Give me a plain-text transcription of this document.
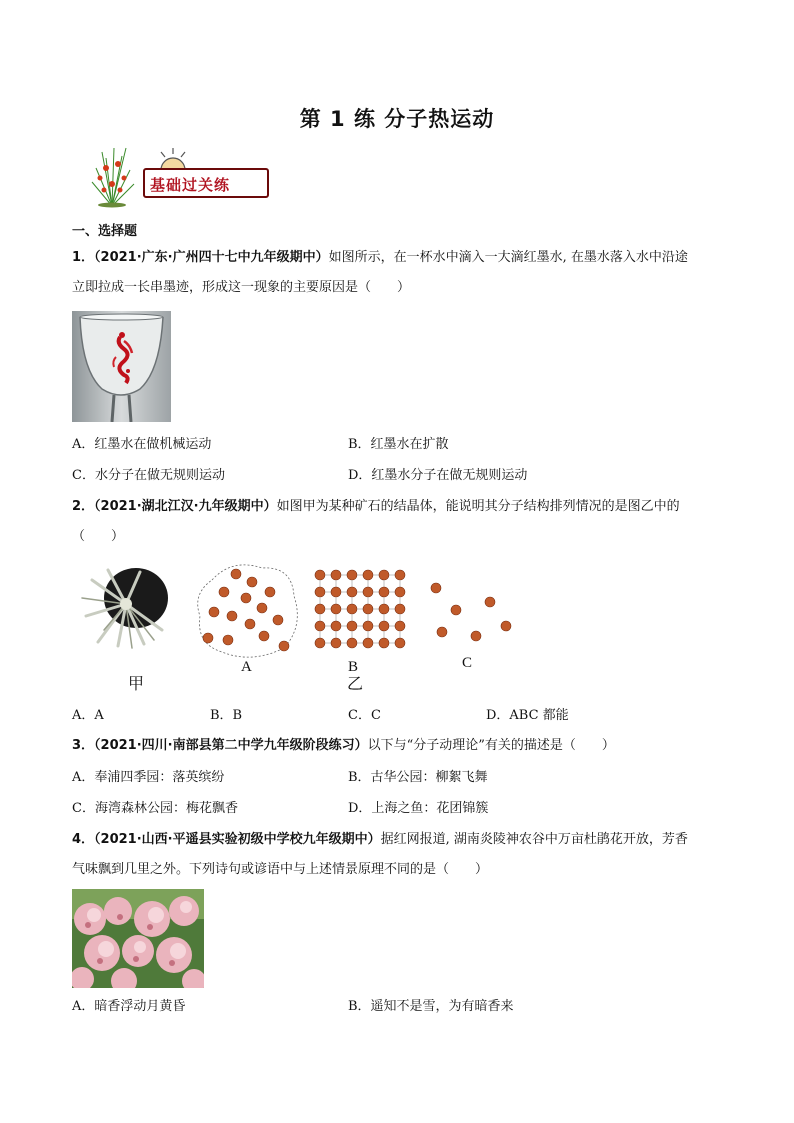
第 1 练 分子热运动
基础过关练
一、选择题
1．（2021·广东·广州四十七中九年级期中）如图所示，在一杯水中滴入一大滴红墨水, 在墨水落入水中沿途
立即拉成一长串墨迹，形成这一现象的主要原因是（　　）
A．红墨水在做机械运动	B．红墨水在扩散
C．水分子在做无规则运动	D．红墨水分子在做无规则运动
2．（2021·湖北江汉·九年级期中）如图甲为某种矿石的结晶体，能说明其分子结构排列情况的是图乙中的
（　　）
A	B	C
甲	乙
A．A	B．B	C．C	D．ABC 都能
3．（2021·四川·南部县第二中学九年级阶段练习）以下与“分子动理论”有关的描述是（　　）
A．奉浦四季园：落英缤纷	B．古华公园：柳絮飞舞
C．海湾森林公园：梅花飘香	D．上海之鱼：花团锦簇
4．（2021·山西·平遥县实验初级中学校九年级期中）据红网报道, 湖南炎陵神农谷中万亩杜鹃花开放，芳香
气味飘到几里之外。下列诗句或谚语中与上述情景原理不同的是（　　）
A．暗香浮动月黄昏	B．遥知不是雪，为有暗香来
